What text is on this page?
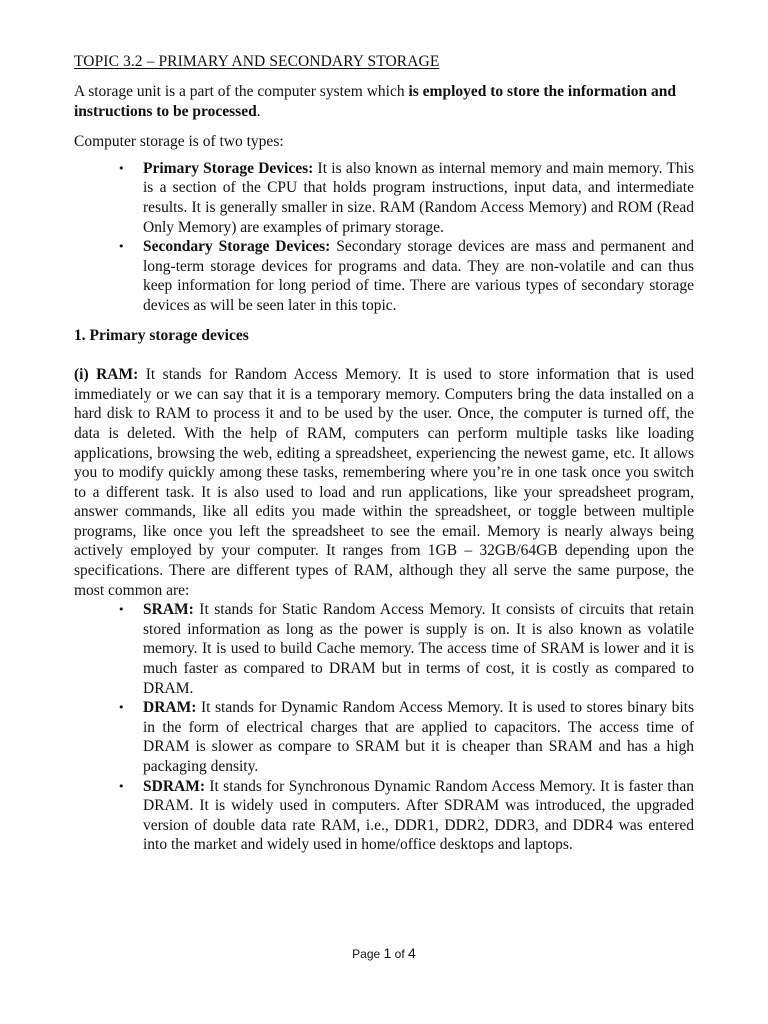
TOPIC 3.2 – PRIMARY AND SECONDARY STORAGE

A storage unit is a part of the computer system which is employed to store the information and instructions to be processed.

Computer storage is of two types:

• Primary Storage Devices: It is also known as internal memory and main memory. This is a section of the CPU that holds program instructions, input data, and intermediate results. It is generally smaller in size. RAM (Random Access Memory) and ROM (Read Only Memory) are examples of primary storage.
• Secondary Storage Devices: Secondary storage devices are mass and permanent and long-term storage devices for programs and data. They are non-volatile and can thus keep information for long period of time. There are various types of secondary storage devices as will be seen later in this topic.

1. Primary storage devices

(i) RAM: It stands for Random Access Memory. It is used to store information that is used immediately or we can say that it is a temporary memory. Computers bring the data installed on a hard disk to RAM to process it and to be used by the user. Once, the computer is turned off, the data is deleted. With the help of RAM, computers can perform multiple tasks like loading applications, browsing the web, editing a spreadsheet, experiencing the newest game, etc. It allows you to modify quickly among these tasks, remembering where you’re in one task once you switch to a different task. It is also used to load and run applications, like your spreadsheet program, answer commands, like all edits you made within the spreadsheet, or toggle between multiple programs, like once you left the spreadsheet to see the email. Memory is nearly always being actively employed by your computer. It ranges from 1GB – 32GB/64GB depending upon the specifications. There are different types of RAM, although they all serve the same purpose, the most common are:

• SRAM: It stands for Static Random Access Memory. It consists of circuits that retain stored information as long as the power is supply is on. It is also known as volatile memory. It is used to build Cache memory. The access time of SRAM is lower and it is much faster as compared to DRAM but in terms of cost, it is costly as compared to DRAM.
• DRAM: It stands for Dynamic Random Access Memory. It is used to stores binary bits in the form of electrical charges that are applied to capacitors. The access time of DRAM is slower as compare to SRAM but it is cheaper than SRAM and has a high packaging density.
• SDRAM: It stands for Synchronous Dynamic Random Access Memory. It is faster than DRAM. It is widely used in computers. After SDRAM was introduced, the upgraded version of double data rate RAM, i.e., DDR1, DDR2, DDR3, and DDR4 was entered into the market and widely used in home/office desktops and laptops.
Page 1 of 4
